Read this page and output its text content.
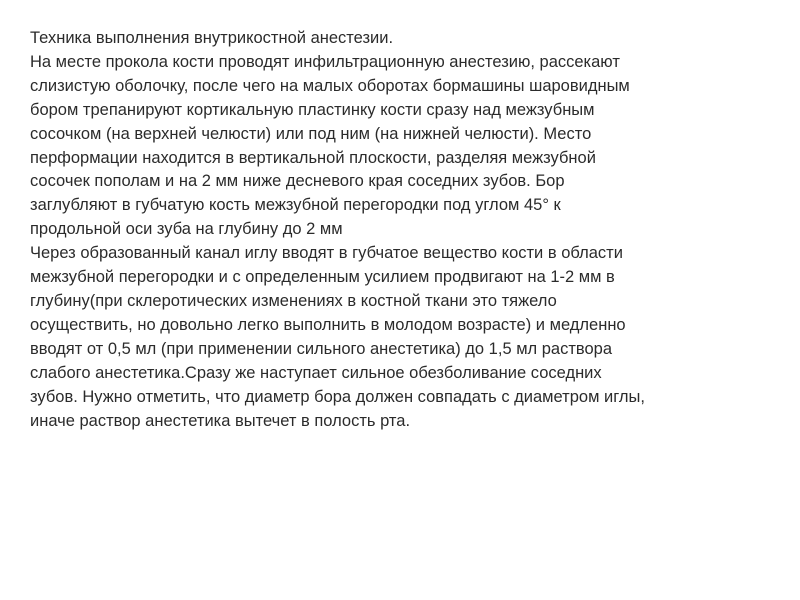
Техника выполнения внутрикостной анестезии.
На месте прокола кости проводят инфильтрационную анестезию, рассекают
слизистую оболочку, после чего на малых оборотах бормашины шаровидным
бором трепанируют кортикальную пластинку кости сразу над межзубным
сосочком (на верхней челюсти) или под ним (на нижней челюсти). Место
перформации находится в вертикальной плоскости, разделяя межзубной
сосочек пополам и на 2 мм ниже десневого края соседних зубов. Бор
заглубляют в губчатую кость межзубной перегородки под углом 45° к
продольной оси зуба на глубину до 2 мм
Через образованный канал иглу вводят в губчатое вещество кости в области
межзубной перегородки и с определенным усилием продвигают на 1-2 мм в
глубину(при склеротических изменениях в костной ткани это тяжело
осуществить, но довольно легко выполнить в молодом возрасте) и медленно
вводят от 0,5 мл (при применении сильного анестетика) до 1,5 мл раствора
слабого анестетика.Сразу же наступает сильное обезболивание соседних
зубов. Нужно отметить, что диаметр бора должен совпадать с диаметром иглы,
иначе раствор анестетика вытечет в полость рта.
